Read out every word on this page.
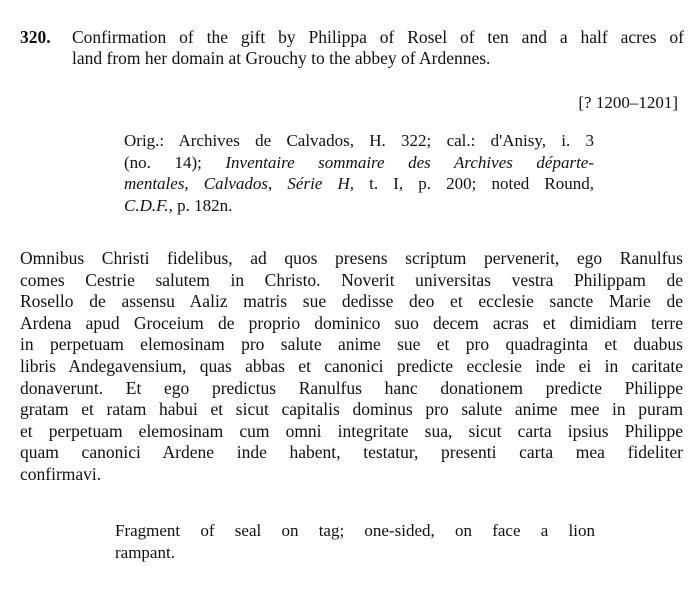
320. Confirmation of the gift by Philippa of Rosel of ten and a half acres of
land from her domain at Grouchy to the abbey of Ardennes.
[? 1200–1201]
Orig.: Archives de Calvados, H. 322; cal.: d'Anisy, i. 3
(no. 14); Inventaire sommaire des Archives départe-
mentales, Calvados, Série H, t. I, p. 200; noted Round,
C.D.F., p. 182n.
Omnibus Christi fidelibus, ad quos presens scriptum pervenerit, ego Ranulfus
comes Cestrie salutem in Christo. Noverit universitas vestra Philippam de
Rosello de assensu Aaliz matris sue dedisse deo et ecclesie sancte Marie de
Ardena apud Groceium de proprio dominico suo decem acras et dimidiam terre
in perpetuam elemosinam pro salute anime sue et pro quadraginta et duabus
libris Andegavensium, quas abbas et canonici predicte ecclesie inde ei in caritate
donaverunt. Et ego predictus Ranulfus hanc donationem predicte Philippe
gratam et ratam habui et sicut capitalis dominus pro salute anime mee in puram
et perpetuam elemosinam cum omni integritate sua, sicut carta ipsius Philippe
quam canonici Ardene inde habent, testatur, presenti carta mea fideliter
confirmavi.
Fragment of seal on tag; one-sided, on face a lion
rampant.
